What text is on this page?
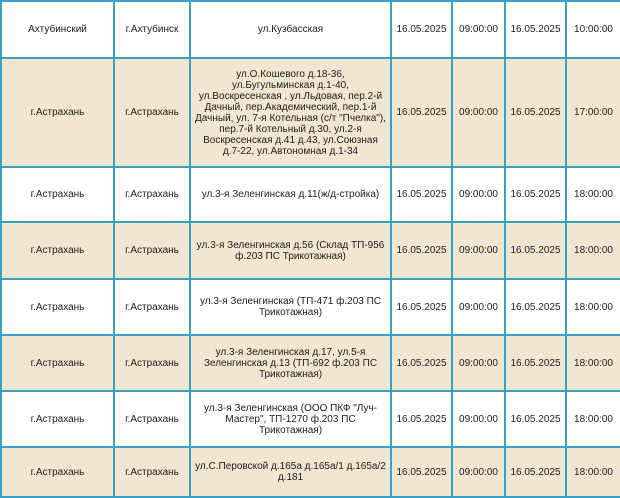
Ахтубинский	г.Ахтубинск	ул.Кузбасская	16.05.2025	09:00:00	16.05.2025	10:00:00
г.Астрахань	г.Астрахань	ул.О.Кошевого д.18-36, ул.Бугульминская д.1-40, ул.Воскресенская , ул.Льдовая, пер.2-й Дачный, пер.Академический, пер.1-й Дачный, ул. 7-я Котельная (с/т "Пчелка"), пер.7-й Котельный д.30, ул.2-я Воскресенская д.41 д.43, ул.Союзная д.7-22, ул.Автономная д.1-34	16.05.2025	09:00:00	16.05.2025	17:00:00
г.Астрахань	г.Астрахань	ул.3-я Зеленгинская д.11(ж/д-стройка)	16.05.2025	09:00:00	16.05.2025	18:00:00
г.Астрахань	г.Астрахань	ул.3-я Зеленгинская д.56 (Склад ТП-956 ф.203 ПС Трикотажная)	16.05.2025	09:00:00	16.05.2025	18:00:00
г.Астрахань	г.Астрахань	ул.3-я Зеленгинская (ТП-471 ф.203 ПС Трикотажная)	16.05.2025	09:00:00	16.05.2025	18:00:00
г.Астрахань	г.Астрахань	ул.3-я Зеленгинская д.17, ул.5-я Зеленгинская д.13 (ТП-692 ф.203 ПС Трикотажная)	16.05.2025	09:00:00	16.05.2025	18:00:00
г.Астрахань	г.Астрахань	ул.3-я Зеленгинская (ООО ПКФ "Луч-Мастер", ТП-1270 ф.203 ПС Трикотажная)	16.05.2025	09:00:00	16.05.2025	18:00:00
г.Астрахань	г.Астрахань	ул.С.Перовской д.165а д.165а/1 д.165а/2 д.181	16.05.2025	09:00:00	16.05.2025	18:00:00
